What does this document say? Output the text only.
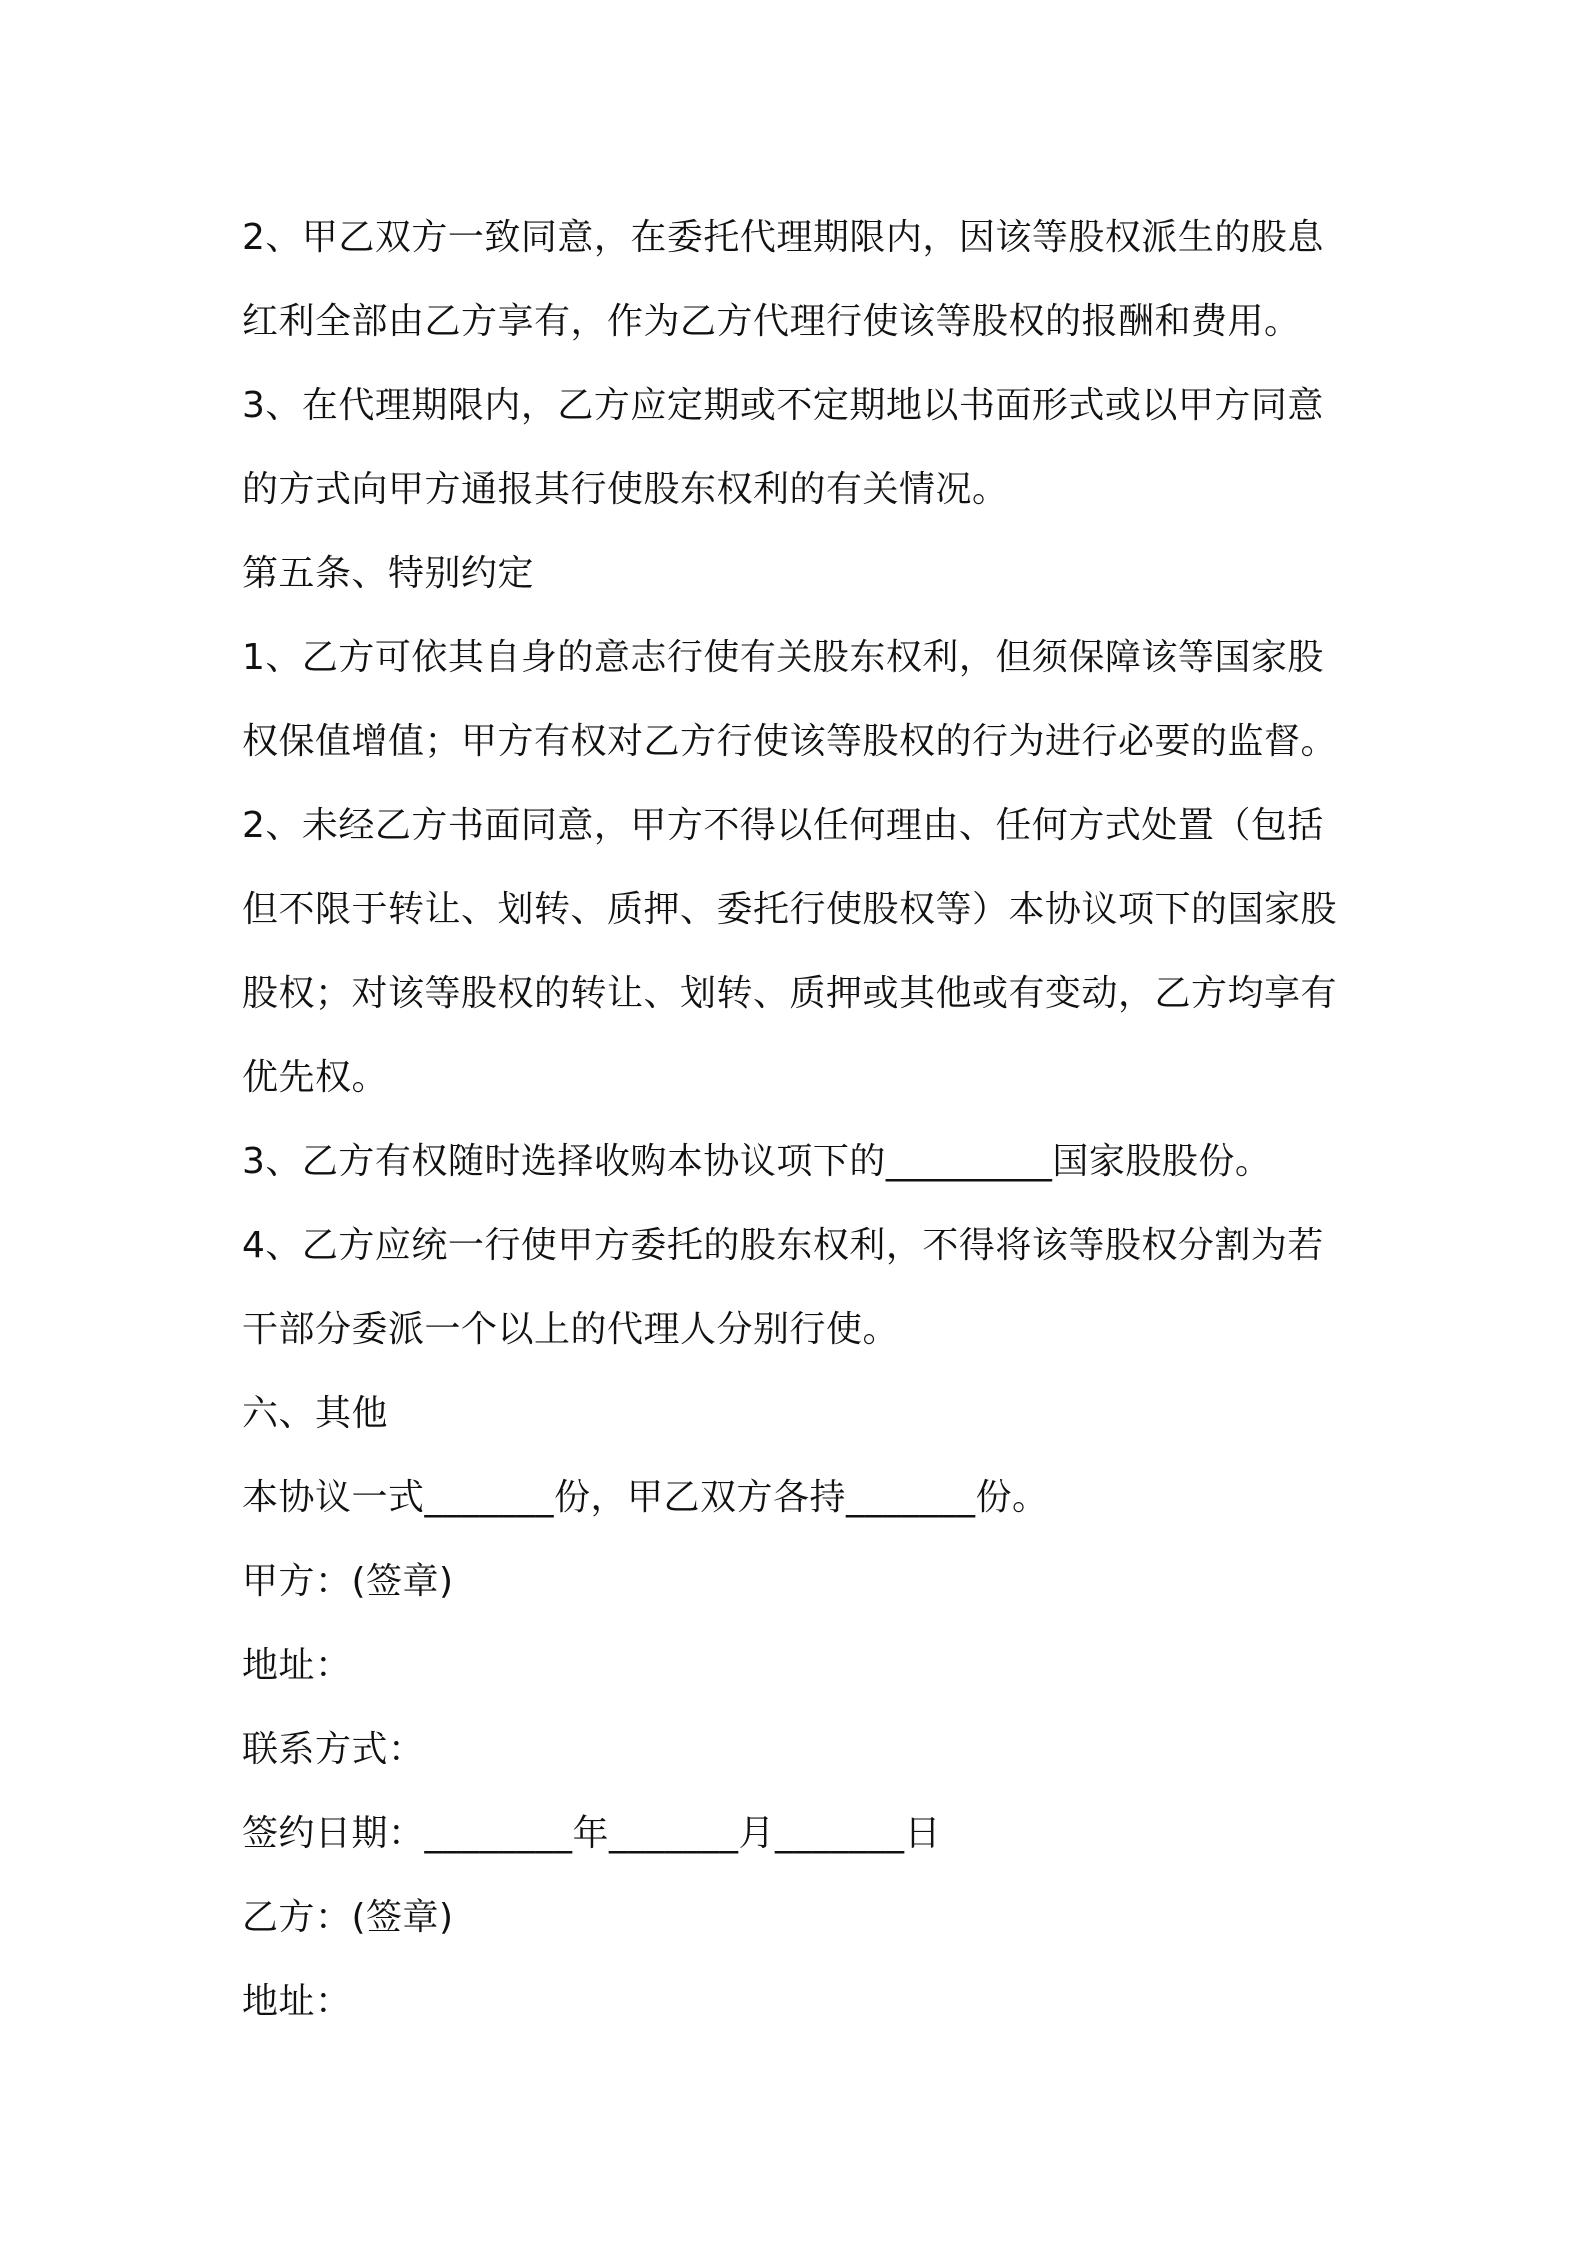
2、甲乙双方一致同意，在委托代理期限内，因该等股权派生的股息
红利全部由乙方享有，作为乙方代理行使该等股权的报酬和费用。
3、在代理期限内，乙方应定期或不定期地以书面形式或以甲方同意
的方式向甲方通报其行使股东权利的有关情况。
第五条、特别约定
1、乙方可依其自身的意志行使有关股东权利，但须保障该等国家股
权保值增值；甲方有权对乙方行使该等股权的行为进行必要的监督。
2、未经乙方书面同意，甲方不得以任何理由、任何方式处置（包括
但不限于转让、划转、质押、委托行使股权等）本协议项下的国家股
股权；对该等股权的转让、划转、质押或其他或有变动，乙方均享有
优先权。
3、乙方有权随时选择收购本协议项下的_________国家股股份。
4、乙方应统一行使甲方委托的股东权利，不得将该等股权分割为若
干部分委派一个以上的代理人分别行使。
六、其他
本协议一式_______份，甲乙双方各持_______份。
甲方：(签章)
地址：
联系方式：
签约日期：________年_______月_______日
乙方：(签章)
地址：
